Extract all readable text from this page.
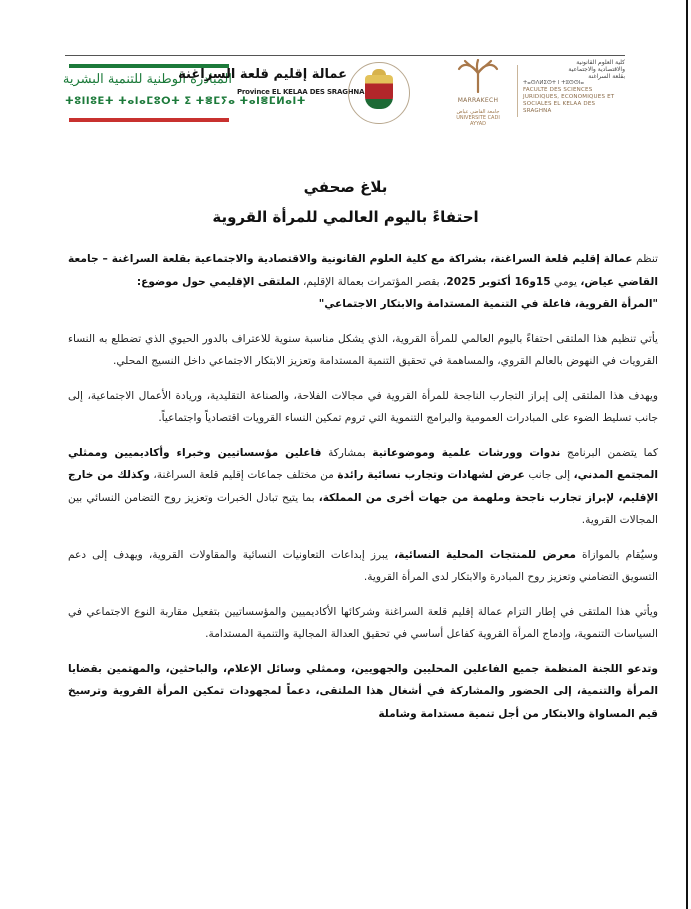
المبادرة الوطنية للتنمية البشرية
ⵜⵓⵏⵏⵓⴹⵜ ⵜⴰⵏⴰⵎⵓⵔⵜ ⵉ ⵜⴻⵎⵢⴰ ⵜⴰⵏⴻⵎⵍⴰⵏⵜ
عمالة إقليم قلعة السراغنة
Province EL KELAA DES SRAGHNA
MARRAKECH
جامعة القاضي عياض
UNIVERSITE CADI AYYAD
كلية العلوم القانونية
والاقتصادية والاجتماعية
بقلعة السراغنة
ⵜⴰⵙⴷⵍⵉⵙⵜ ⵏ ⵜⵓⵙⵙⵏⴰ
FACULTE DES SCIENCES
JURIDIQUES, ECONOMIQUES ET
SOCIALES EL KELAA DES SRAGHNA
بلاغ صحفي
احتفاءً باليوم العالمي للمرأة القروية

تنظم عمالة إقليم قلعة السراغنة، بشراكة مع كلية العلوم القانونية والاقتصادية والاجتماعية بقلعة السراغنة – جامعة القاضي عياض، يومي 15و16 أكتوبر 2025، بقصر المؤتمرات بعمالة الإقليم، الملتقى الإقليمي حول موضوع:
"المرأة القروية، فاعلة في التنمية المستدامة والابتكار الاجتماعي"

يأتي تنظيم هذا الملتقى احتفاءً باليوم العالمي للمرأة القروية، الذي يشكل مناسبة سنوية للاعتراف بالدور الحيوي الذي تضطلع به النساء القرويات في النهوض بالعالم القروي، والمساهمة في تحقيق التنمية المستدامة وتعزيز الابتكار الاجتماعي داخل النسيج المحلي.

ويهدف هذا الملتقى إلى إبراز التجارب الناجحة للمرأة القروية في مجالات الفلاحة، والصناعة التقليدية، وريادة الأعمال الاجتماعية، إلى جانب تسليط الضوء على المبادرات العمومية والبرامج التنموية التي تروم تمكين النساء القرويات اقتصادياً واجتماعياً.

كما يتضمن البرنامج ندوات وورشات علمية وموضوعاتية بمشاركة فاعلين مؤسساتيين وخبراء وأكاديميين وممثلي المجتمع المدني، إلى جانب عرض لشهادات وتجارب نسائية رائدة من مختلف جماعات إقليم قلعة السراغنة، وكذلك من خارج الإقليم، لإبراز تجارب ناجحة وملهمة من جهات أخرى من المملكة، بما يتيح تبادل الخبرات وتعزيز روح التضامن النسائي بين المجالات القروية.

وسيُقام بالموازاة معرض للمنتجات المحلية النسائية، يبرز إبداعات التعاونيات النسائية والمقاولات القروية، ويهدف إلى دعم التسويق التضامني وتعزيز روح المبادرة والابتكار لدى المرأة القروية.

ويأتي هذا الملتقى في إطار التزام عمالة إقليم قلعة السراغنة وشركائها الأكاديميين والمؤسساتيين بتفعيل مقاربة النوع الاجتماعي في السياسات التنموية، وإدماج المرأة القروية كفاعل أساسي في تحقيق العدالة المجالية والتنمية المستدامة.

وتدعو اللجنة المنظمة جميع الفاعلين المحليين والجهويين، وممثلي وسائل الإعلام، والباحثين، والمهتمين بقضايا المرأة والتنمية، إلى الحضور والمشاركة في أشغال هذا الملتقى، دعماً لمجهودات تمكين المرأة القروية وترسيخ قيم المساواة والابتكار من أجل تنمية مستدامة وشاملة
